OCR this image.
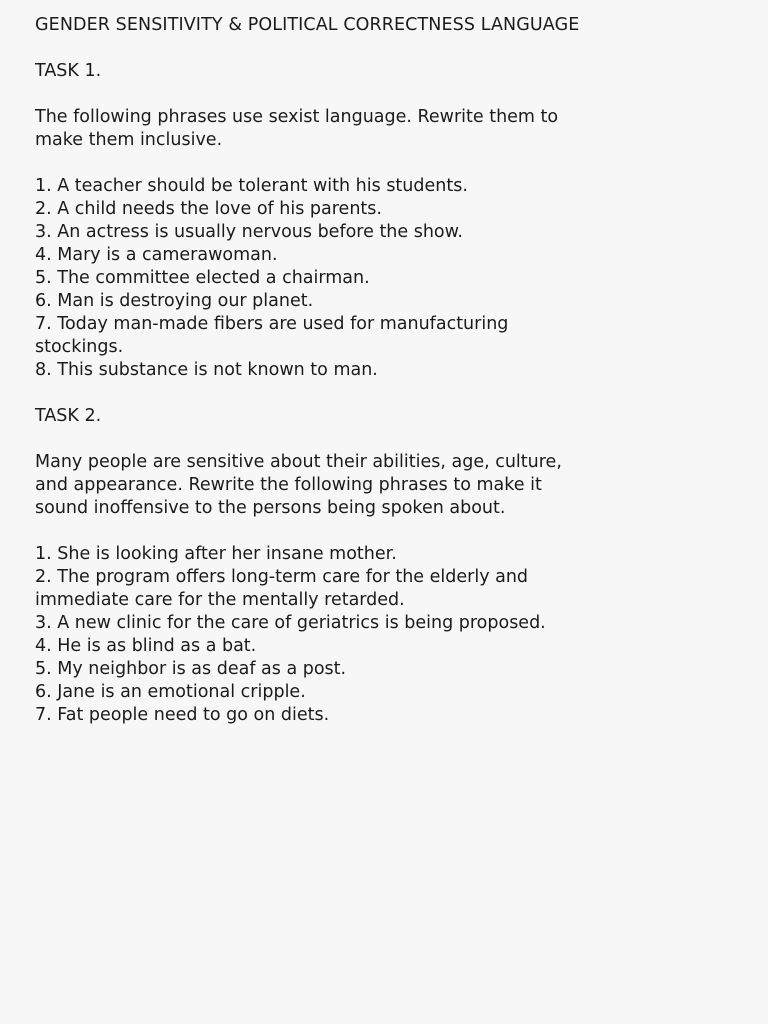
GENDER SENSITIVITY & POLITICAL CORRECTNESS LANGUAGE

TASK 1.

The following phrases use sexist language. Rewrite them to

make them inclusive.

1. A teacher should be tolerant with his students.
2. A child needs the love of his parents.
3. An actress is usually nervous before the show.
4. Mary is a camerawoman.
5. The committee elected a chairman.
6. Man is destroying our planet.
7. Today man-made fibers are used for manufacturing
stockings.
8. This substance is not known to man.

TASK 2.

Many people are sensitive about their abilities, age, culture,

and appearance. Rewrite the following phrases to make it

sound inoffensive to the persons being spoken about.

1. She is looking after her insane mother.
2. The program offers long-term care for the elderly and
immediate care for the mentally retarded.
3. A new clinic for the care of geriatrics is being proposed.
4. He is as blind as a bat.
5. My neighbor is as deaf as a post.
6. Jane is an emotional cripple.
7. Fat people need to go on diets.
